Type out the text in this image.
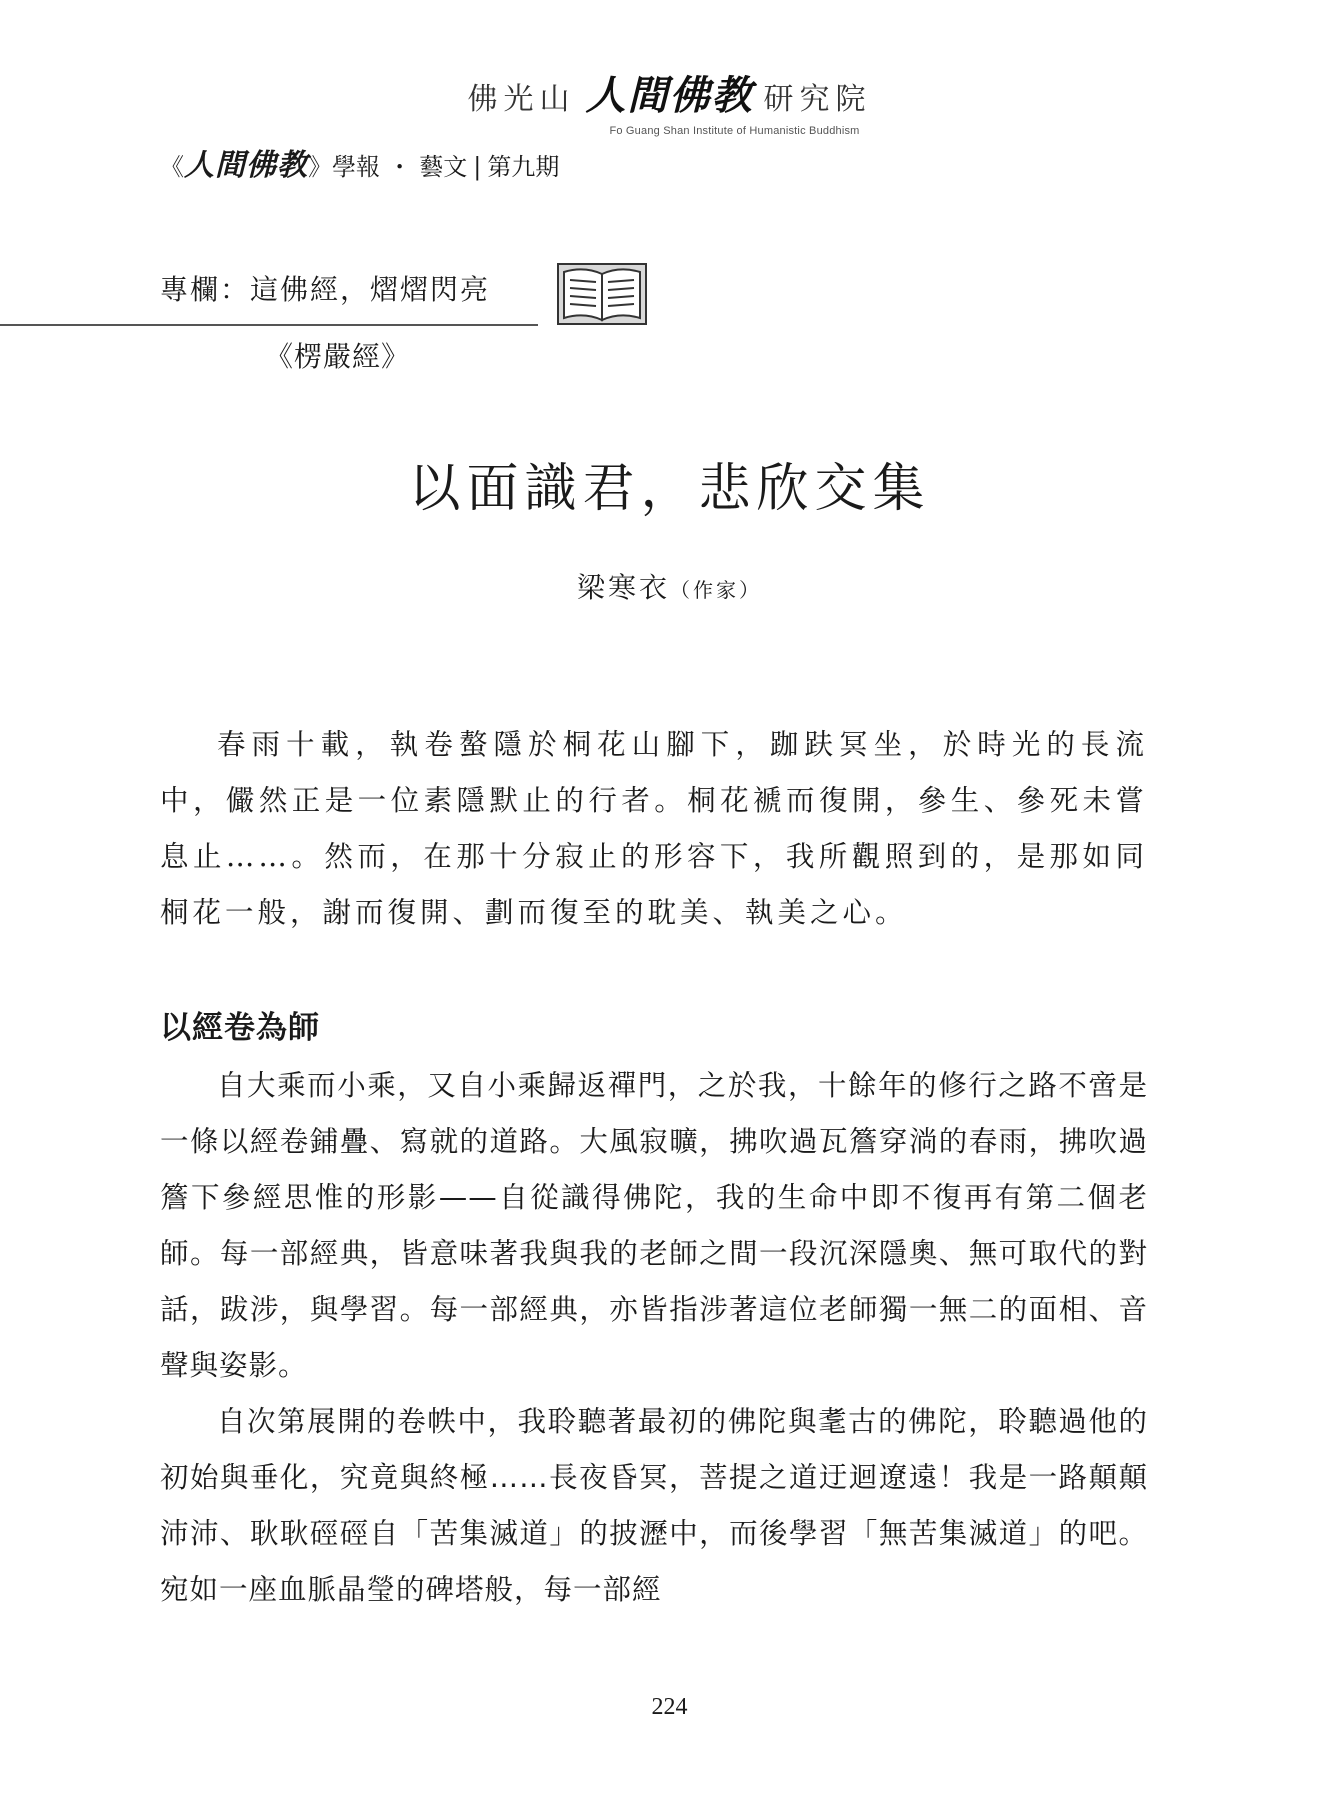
佛光山 人間佛教 研究院
Fo Guang Shan Institute of Humanistic Buddhism
《 人間佛教 》學報 ・ 藝文 | 第九期
專欄：這佛經，熠熠閃亮
《楞嚴經》
以面識君，悲欣交集
梁寒衣（作家）

春雨十載，執卷螯隱於桐花山腳下，跏趺冥坐，於時光的長流中，儼然正是一位素隱默止的行者。桐花褫而復開，參生、參死未嘗息止……。然而，在那十分寂止的形容下，我所觀照到的，是那如同桐花一般，謝而復開、劃而復至的耽美、執美之心。

以經卷為師

自大乘而小乘，又自小乘歸返禪門，之於我，十餘年的修行之路不啻是一條以經卷鋪疊、寫就的道路。大風寂曠，拂吹過瓦簷穿淌的春雨，拂吹過簷下參經思惟的形影——自從識得佛陀，我的生命中即不復再有第二個老師。每一部經典，皆意味著我與我的老師之間一段沉深隱奧、無可取代的對話，跋涉，與學習。每一部經典，亦皆指涉著這位老師獨一無二的面相、音聲與姿影。

自次第展開的卷帙中，我聆聽著最初的佛陀與耄古的佛陀，聆聽過他的初始與垂化，究竟與終極……長夜昏冥，菩提之道迂迴遼遠！我是一路顛顛沛沛、耿耿硜硜自「苦集滅道」的披瀝中，而後學習「無苦集滅道」的吧。宛如一座血脈晶瑩的碑塔般，每一部經

224
